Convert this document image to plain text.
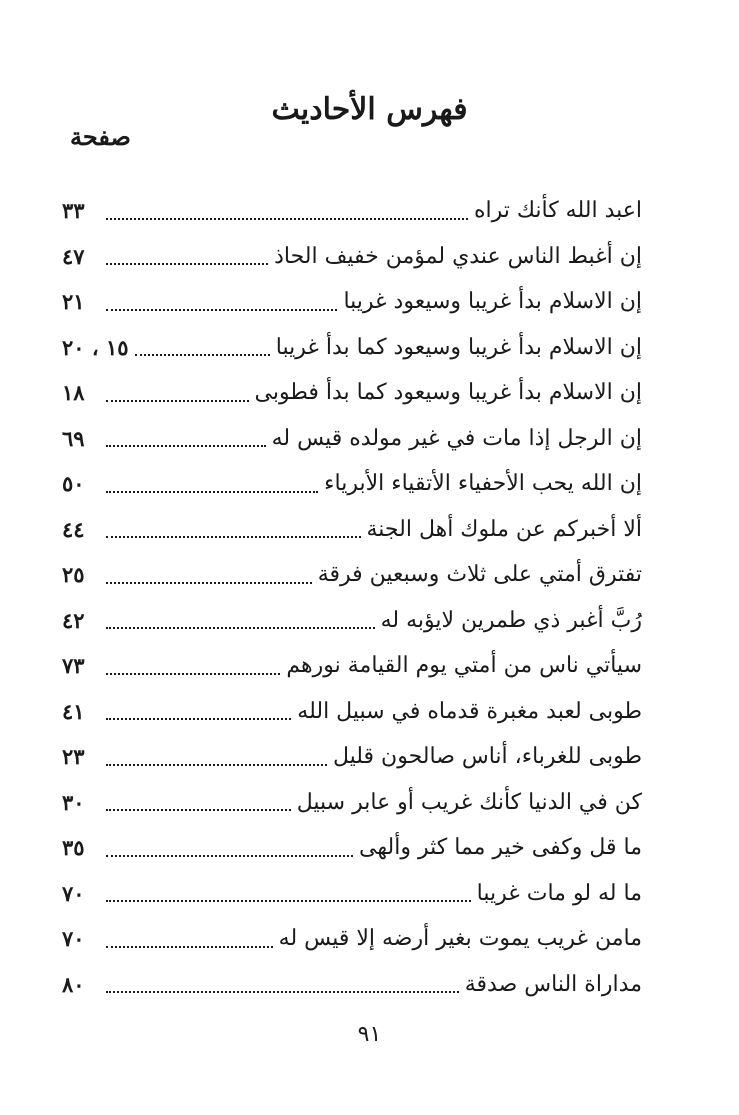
فهرس الأحاديث
صفحة
اعبد الله كأنك تراه
٣٣
إن أغبط الناس عندي لمؤمن خفيف الحاذ
٤٧
إن الاسلام بدأ غريبا وسيعود غريبا
٢١
إن الاسلام بدأ غريبا وسيعود كما بدأ غريبا
١٥ ، ٢٠
إن الاسلام بدأ غريبا وسيعود كما بدأ فطوبى
١٨
إن الرجل إذا مات في غير مولده قيس له
٦٩
إن الله يحب الأحفياء الأتقياء الأبرياء
٥٠
ألا أخبركم عن ملوك أهل الجنة
٤٤
تفترق أمتي على ثلاث وسبعين فرقة
٢٥
رُبَّ أغبر ذي طمرين لايؤبه له
٤٢
سيأتي ناس من أمتي يوم القيامة نورهم
٧٣
طوبى لعبد مغبرة قدماه في سبيل الله
٤١
طوبى للغرباء، أناس صالحون قليل
٢٣
كن في الدنيا كأنك غريب أو عابر سبيل
٣٠
ما قل وكفى خير مما كثر وألهى
٣٥
ما له لو مات غريبا
٧٠
مامن غريب يموت بغير أرضه إلا قيس له
٧٠
مداراة الناس صدقة
٨٠
٩١
